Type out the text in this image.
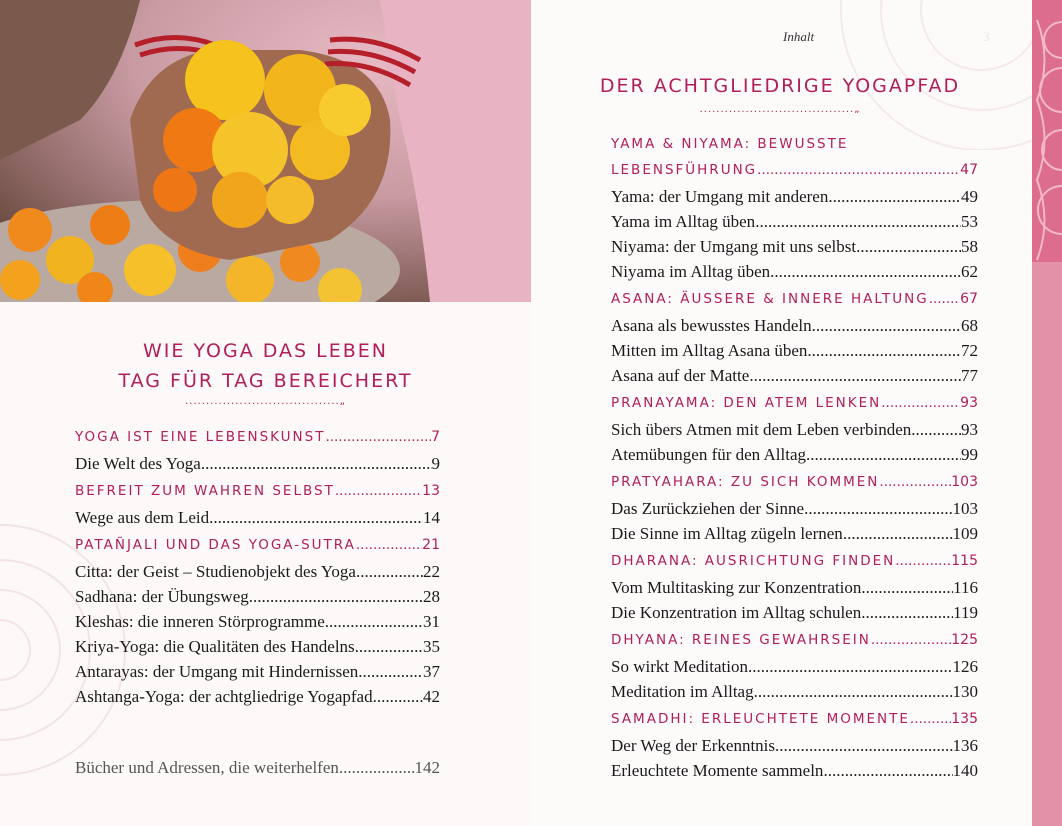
WIE YOGA DAS LEBEN
TAG FÜR TAG BEREICHERT
.....................................„
YOGA IST EINE LEBENSKUNST .....	7
Die Welt des Yoga .....	9
BEFREIT ZUM WAHREN SELBST .....	13
Wege aus dem Leid .....	14
PATAÑJALI UND DAS YOGA-SUTRA .....	21
Citta: der Geist – Studienobjekt des Yoga .....	22
Sadhana: der Übungsweg .....	28
Kleshas: die inneren Störprogramme .....	31
Kriya-Yoga: die Qualitäten des Handelns .....	35
Antarayas: der Umgang mit Hindernissen .....	37
Ashtanga-Yoga: der achtgliedrige Yogapfad .....	42
Bücher und Adressen, die weiterhelfen .....	142
Inhalt	3
DER ACHTGLIEDRIGE YOGAPFAD
.....................................„
YAMA & NIYAMA: BEWUSSTE
LEBENSFÜHRUNG .....	47
Yama: der Umgang mit anderen .....	49
Yama im Alltag üben .....	53
Niyama: der Umgang mit uns selbst .....	58
Niyama im Alltag üben .....	62
ASANA: ÄUSSERE & INNERE HALTUNG ..... 67
Asana als bewusstes Handeln .....	68
Mitten im Alltag Asana üben .....	72
Asana auf der Matte .....	77
PRANAYAMA: DEN ATEM LENKEN .....	93
Sich übers Atmen mit dem Leben verbinden .....	93
Atemübungen für den Alltag .....	99
PRATYAHARA: ZU SICH KOMMEN .....	103
Das Zurückziehen der Sinne .....	103
Die Sinne im Alltag zügeln lernen .....	109
DHARANA: AUSRICHTUNG FINDEN .....	115
Vom Multitasking zur Konzentration .....	116
Die Konzentration im Alltag schulen .....	119
DHYANA: REINES GEWAHRSEIN .....	125
So wirkt Meditation .....	126
Meditation im Alltag .....	130
SAMADHI: ERLEUCHTETE MOMENTE .....	135
Der Weg der Erkenntnis .....	136
Erleuchtete Momente sammeln .....	140
